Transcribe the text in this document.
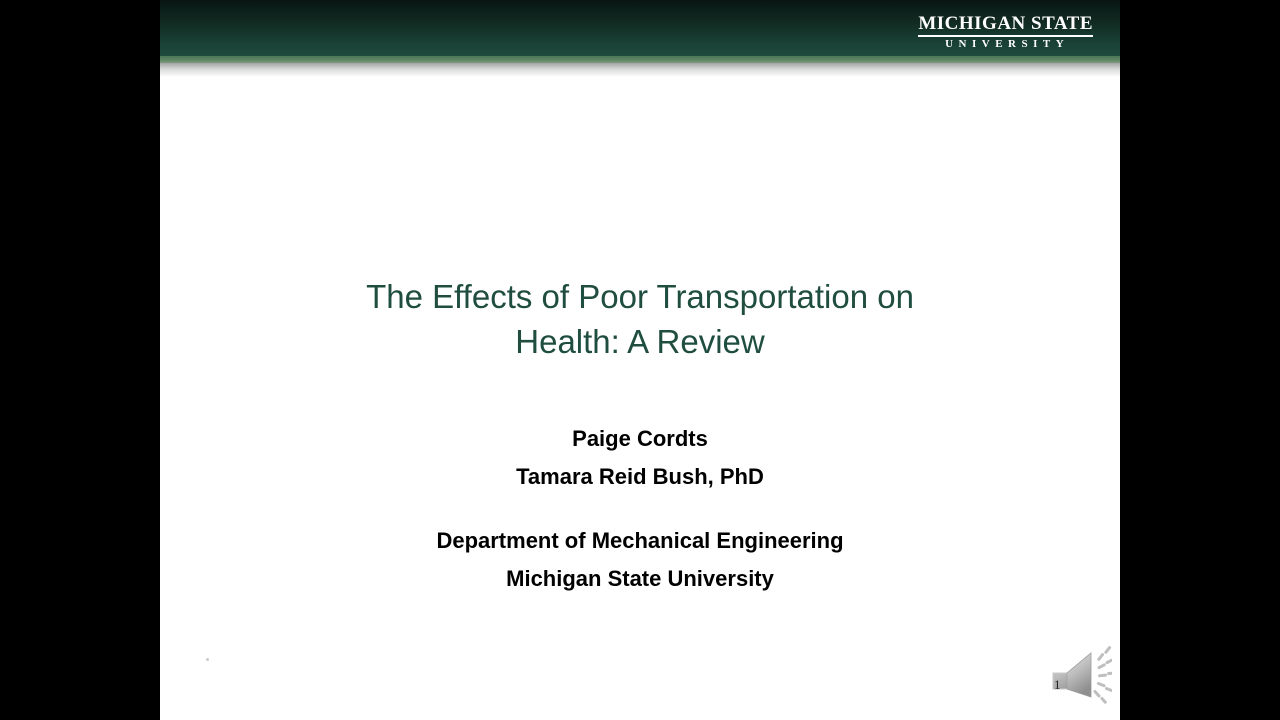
MICHIGAN STATE
UNIVERSITY
The Effects of Poor Transportation on
Health: A Review
Paige Cordts
Tamara Reid Bush, PhD
Department of Mechanical Engineering
Michigan State University
1
